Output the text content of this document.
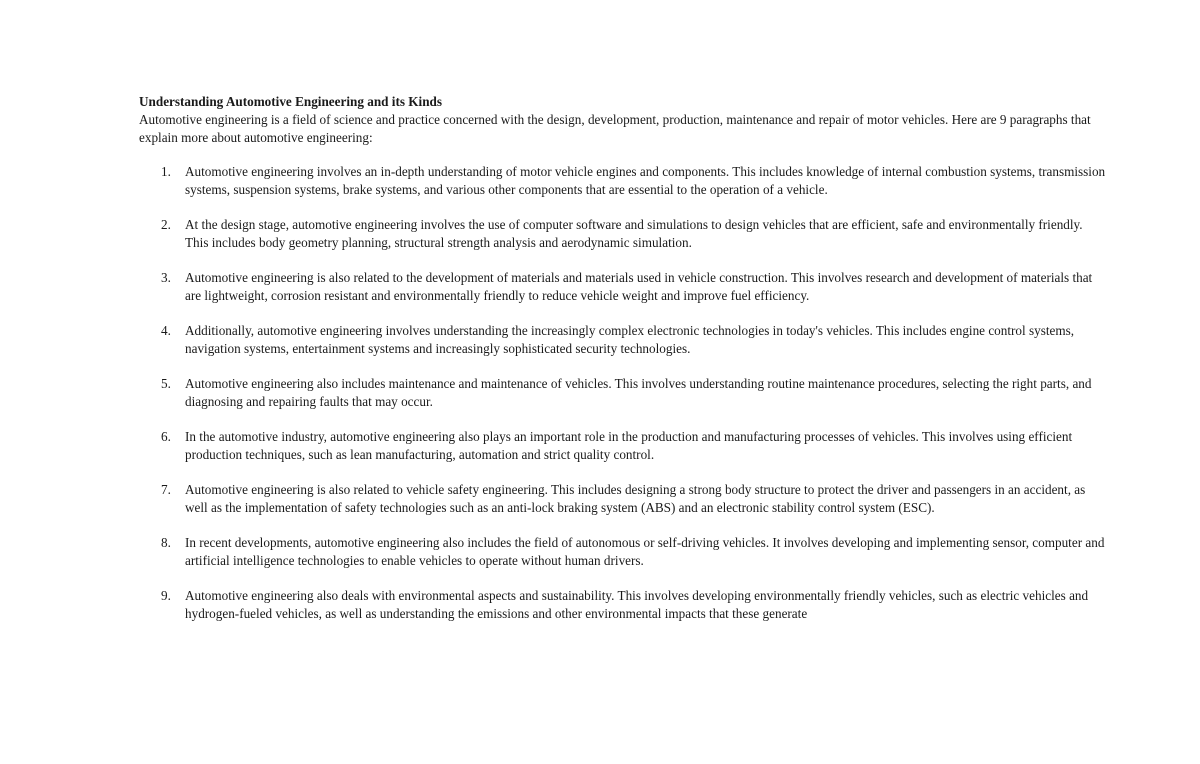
Understanding Automotive Engineering and its Kinds

Automotive engineering is a field of science and practice concerned with the design, development, production, maintenance and repair of motor vehicles. Here are 9 paragraphs that explain more about automotive engineering:

1.	Automotive engineering involves an in-depth understanding of motor vehicle engines and components. This includes knowledge of internal combustion systems, transmission systems, suspension systems, brake systems, and various other components that are essential to the operation of a vehicle.
2.	At the design stage, automotive engineering involves the use of computer software and simulations to design vehicles that are efficient, safe and environmentally friendly. This includes body geometry planning, structural strength analysis and aerodynamic simulation.
3.	Automotive engineering is also related to the development of materials and materials used in vehicle construction. This involves research and development of materials that are lightweight, corrosion resistant and environmentally friendly to reduce vehicle weight and improve fuel efficiency.
4.	Additionally, automotive engineering involves understanding the increasingly complex electronic technologies in today's vehicles. This includes engine control systems, navigation systems, entertainment systems and increasingly sophisticated security technologies.
5.	Automotive engineering also includes maintenance and maintenance of vehicles. This involves understanding routine maintenance procedures, selecting the right parts, and diagnosing and repairing faults that may occur.
6.	In the automotive industry, automotive engineering also plays an important role in the production and manufacturing processes of vehicles. This involves using efficient production techniques, such as lean manufacturing, automation and strict quality control.
7.	Automotive engineering is also related to vehicle safety engineering. This includes designing a strong body structure to protect the driver and passengers in an accident, as well as the implementation of safety technologies such as an anti-lock braking system (ABS) and an electronic stability control system (ESC).
8.	In recent developments, automotive engineering also includes the field of autonomous or self-driving vehicles. It involves developing and implementing sensor, computer and artificial intelligence technologies to enable vehicles to operate without human drivers.
9.	Automotive engineering also deals with environmental aspects and sustainability. This involves developing environmentally friendly vehicles, such as electric vehicles and hydrogen-fueled vehicles, as well as understanding the emissions and other environmental impacts that these generate
